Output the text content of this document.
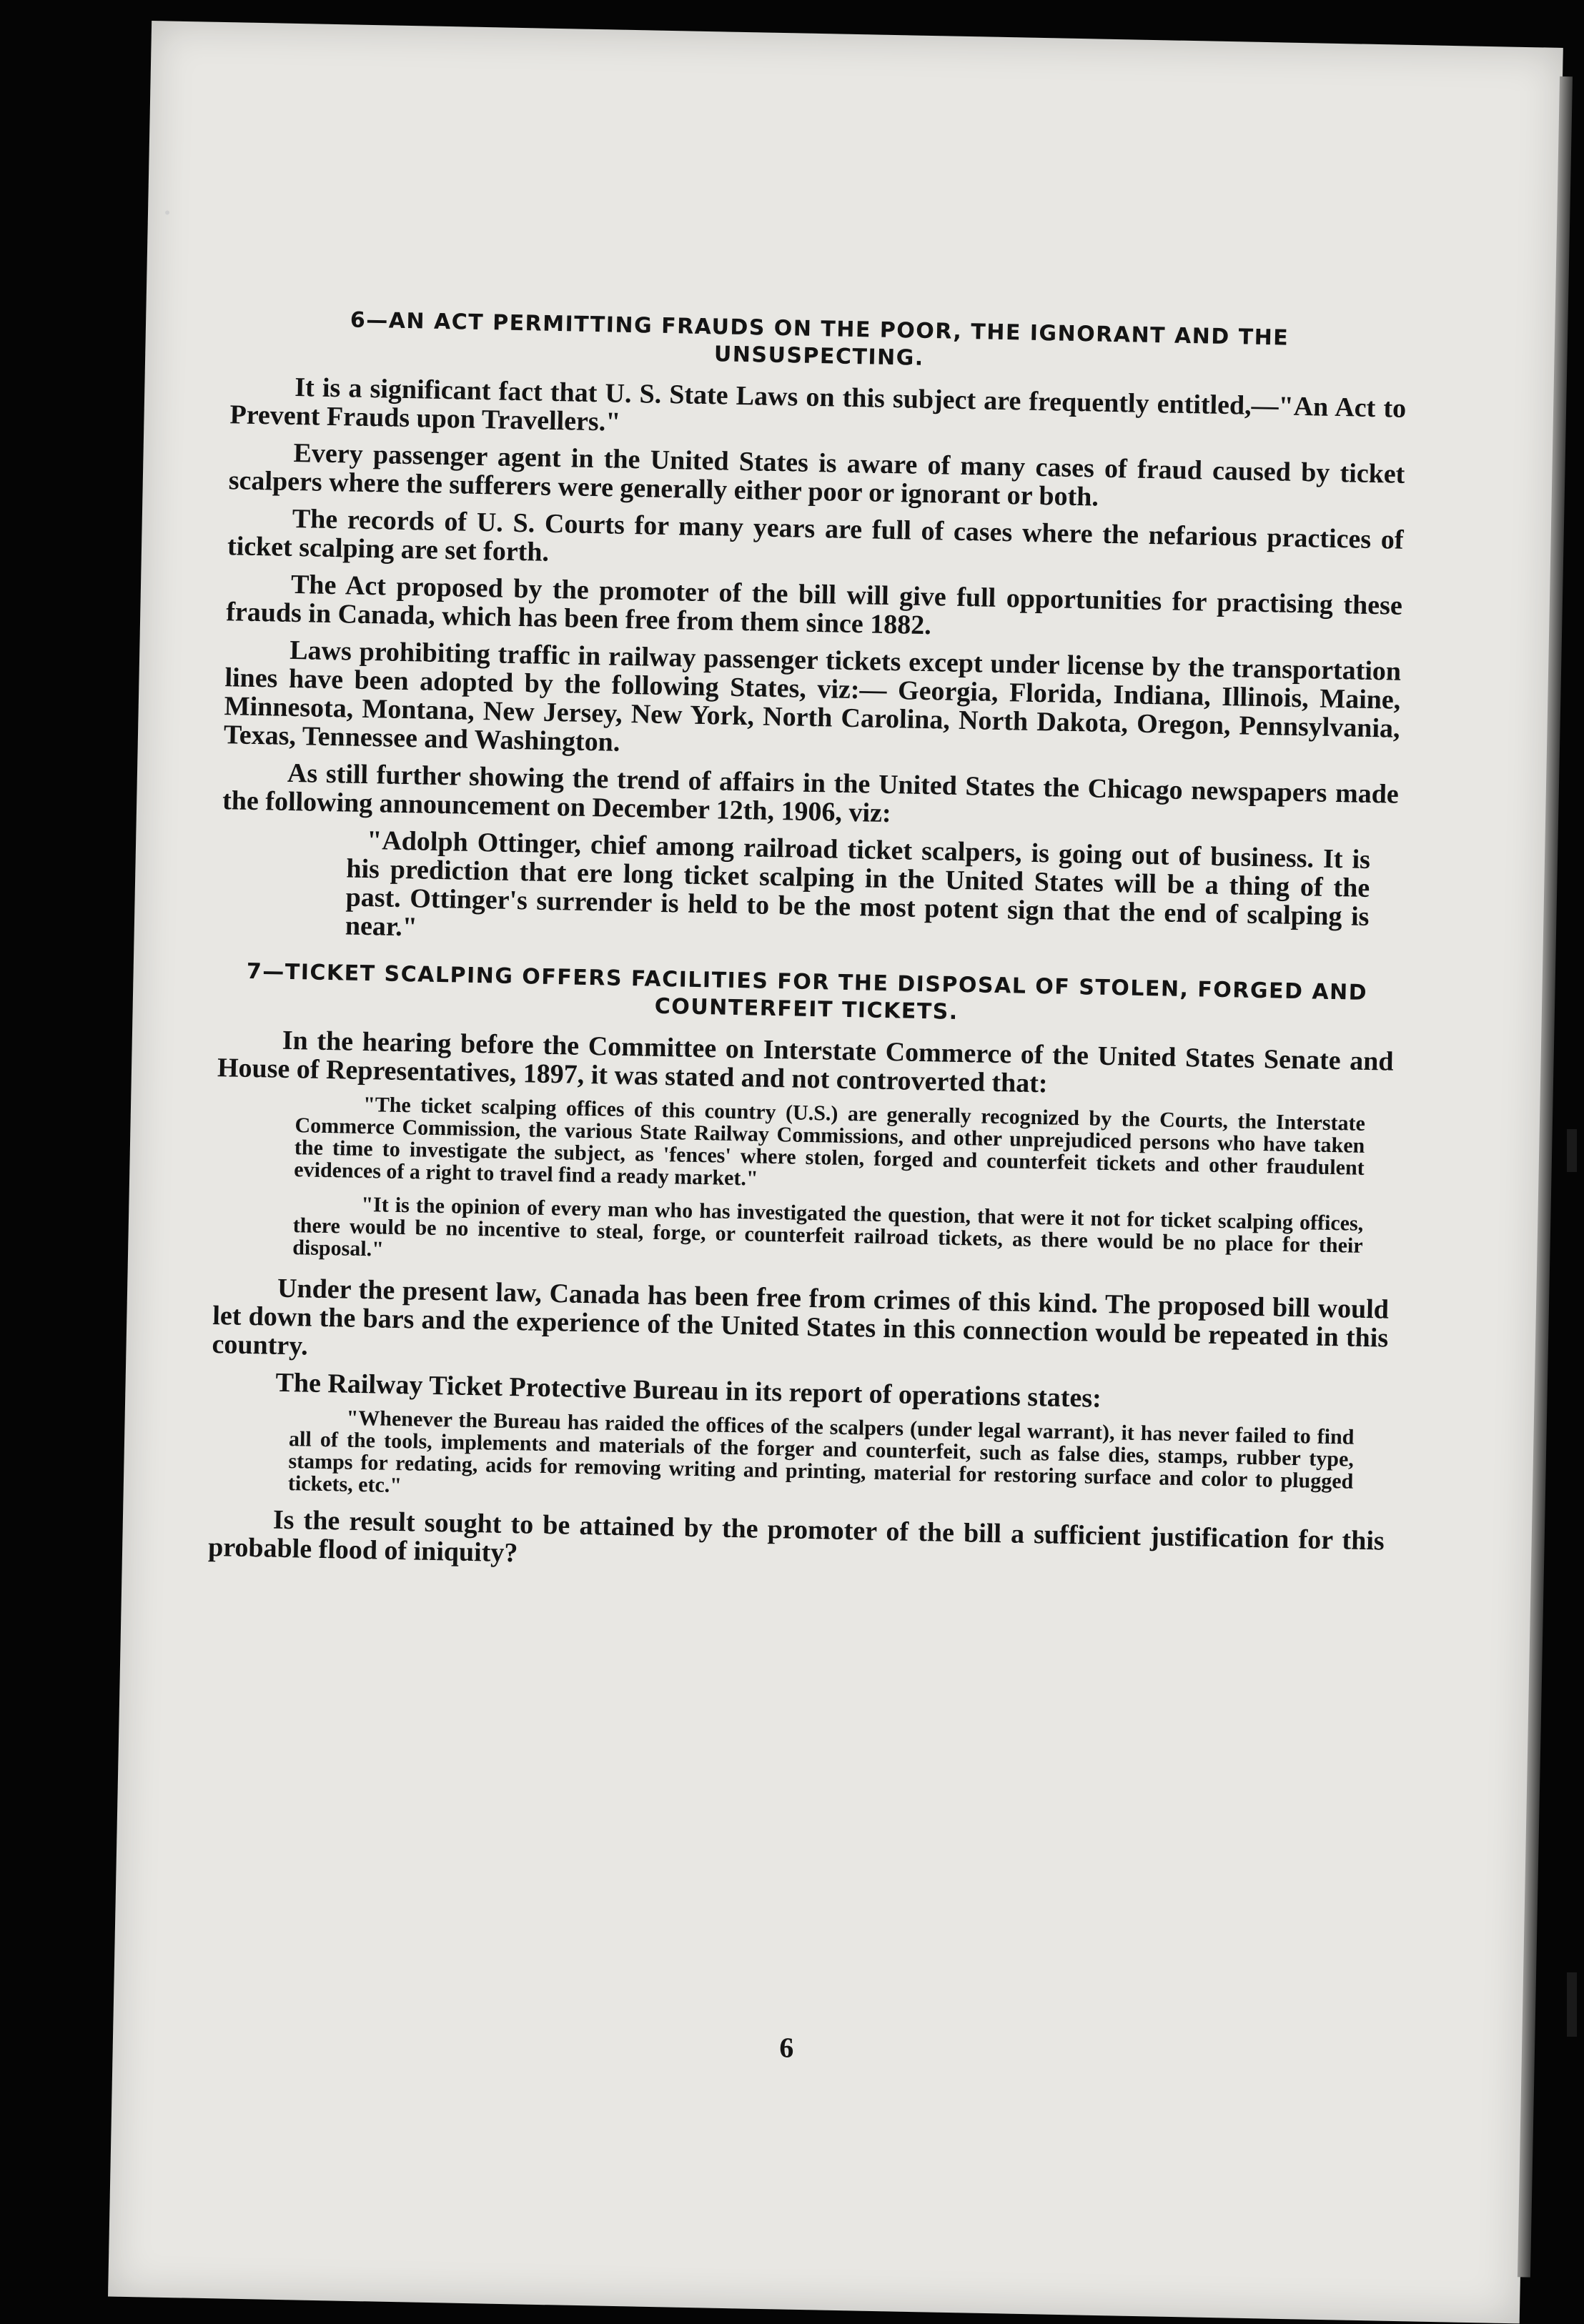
6—AN ACT PERMITTING FRAUDS ON THE POOR, THE IGNORANT AND THE UNSUSPECTING.

It is a significant fact that U. S. State Laws on this subject are frequently entitled,—"An Act to Prevent Frauds upon Travellers."

Every passenger agent in the United States is aware of many cases of fraud caused by ticket scalpers where the sufferers were generally either poor or ignorant or both.

The records of U. S. Courts for many years are full of cases where the nefarious practices of ticket scalping are set forth.

The Act proposed by the promoter of the bill will give full opportunities for practising these frauds in Canada, which has been free from them since 1882.

Laws prohibiting traffic in railway passenger tickets except under license by the transportation lines have been adopted by the following States, viz:— Georgia, Florida, Indiana, Illinois, Maine, Minnesota, Montana, New Jersey, New York, North Carolina, North Dakota, Oregon, Pennsylvania, Texas, Tennessee and Washington.

As still further showing the trend of affairs in the United States the Chicago newspapers made the following announcement on December 12th, 1906, viz:

"Adolph Ottinger, chief among railroad ticket scalpers, is going out of business. It is his prediction that ere long ticket scalping in the United States will be a thing of the past. Ottinger's surrender is held to be the most potent sign that the end of scalping is near."

7—TICKET SCALPING OFFERS FACILITIES FOR THE DISPOSAL OF STOLEN, FORGED AND COUNTERFEIT TICKETS.

In the hearing before the Committee on Interstate Commerce of the United States Senate and House of Representatives, 1897, it was stated and not controverted that:

"The ticket scalping offices of this country (U.S.) are generally recognized by the Courts, the Interstate Commerce Commission, the various State Railway Commissions, and other unprejudiced persons who have taken the time to investigate the subject, as 'fences' where stolen, forged and counterfeit tickets and other fraudulent evidences of a right to travel find a ready market."

"It is the opinion of every man who has investigated the question, that were it not for ticket scalping offices, there would be no incentive to steal, forge, or counterfeit railroad tickets, as there would be no place for their disposal."

Under the present law, Canada has been free from crimes of this kind. The proposed bill would let down the bars and the experience of the United States in this connection would be repeated in this country.

The Railway Ticket Protective Bureau in its report of operations states:

"Whenever the Bureau has raided the offices of the scalpers (under legal warrant), it has never failed to find all of the tools, implements and materials of the forger and counterfeit, such as false dies, stamps, rubber type, stamps for redating, acids for removing writing and printing, material for restoring surface and color to plugged tickets, etc."

Is the result sought to be attained by the promoter of the bill a sufficient justification for this probable flood of iniquity?

6
